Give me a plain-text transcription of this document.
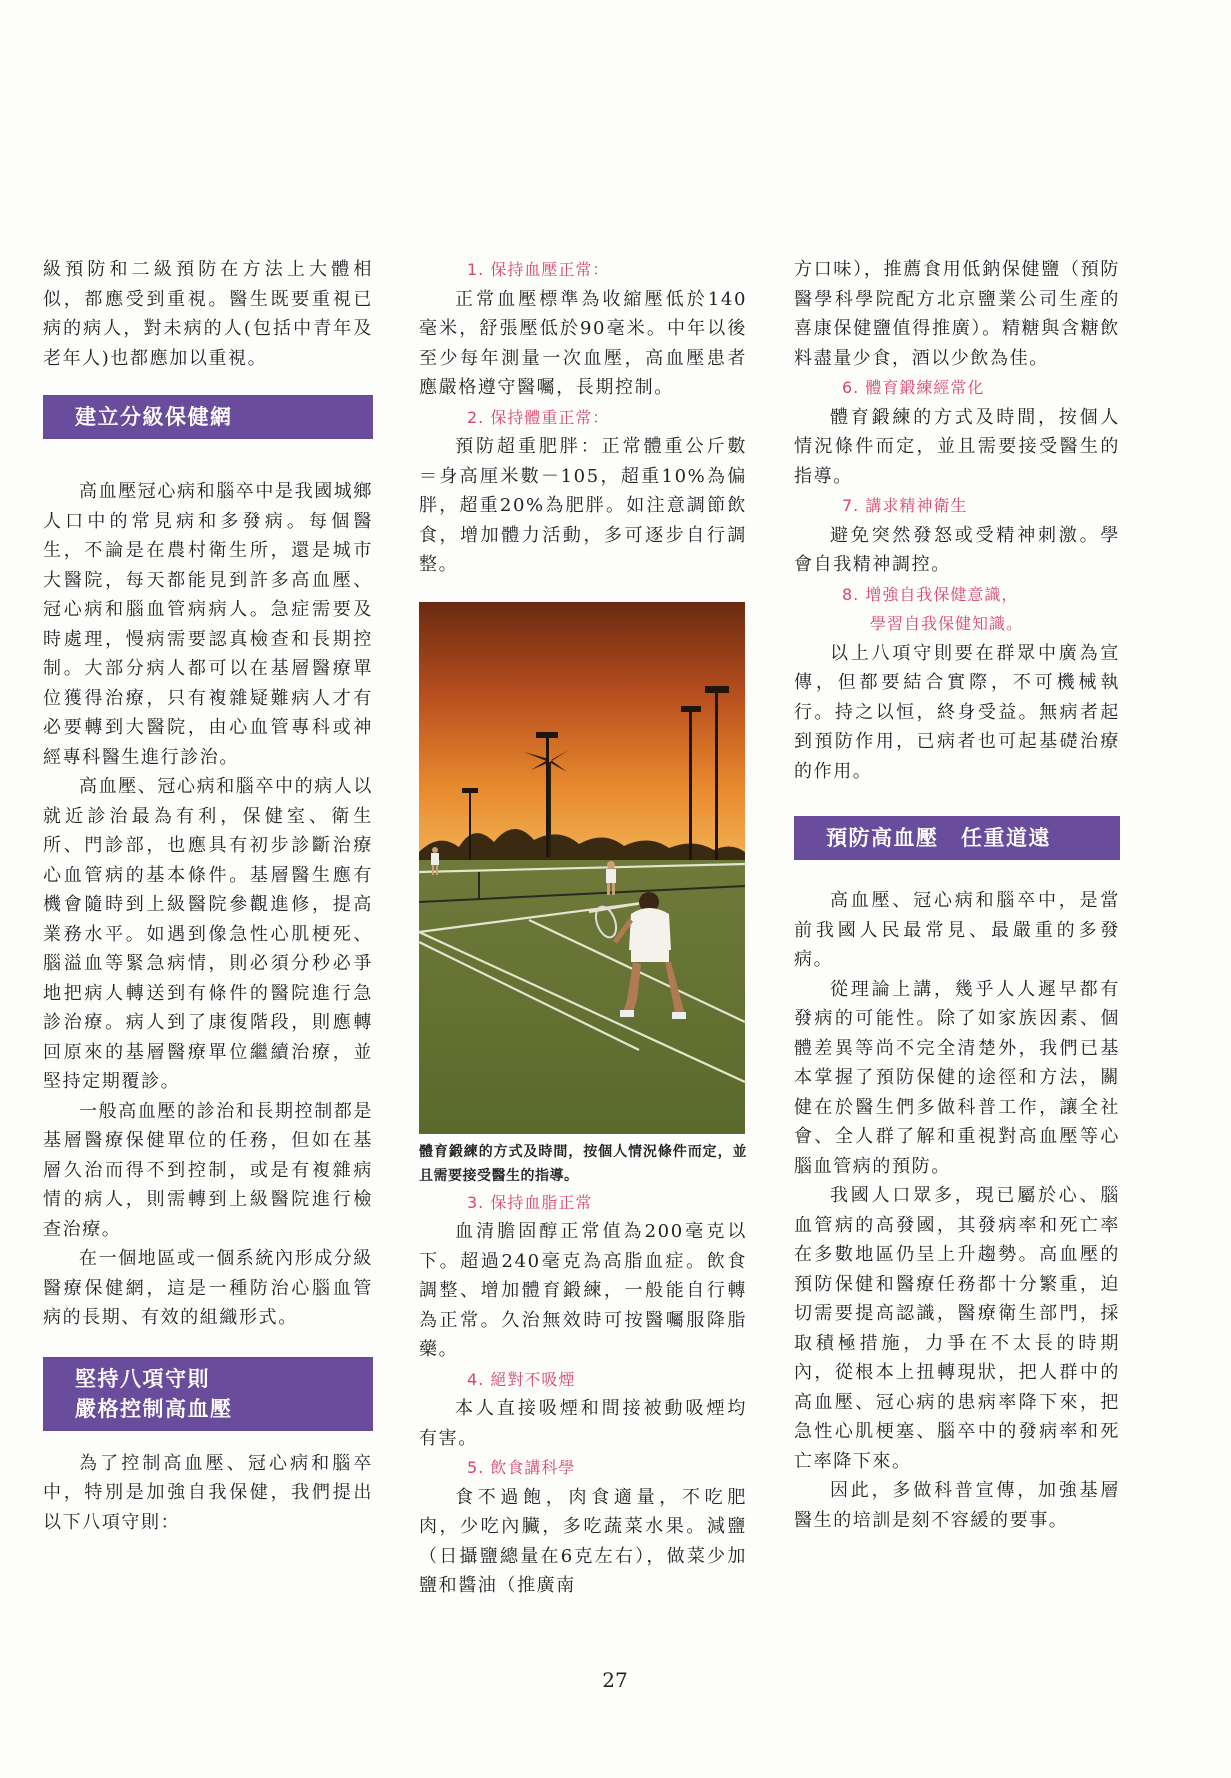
級預防和二級預防在方法上大體相似，都應受到重視。醫生既要重視已病的病人，對未病的人(包括中青年及老年人)也都應加以重視。

建立分級保健網

高血壓冠心病和腦卒中是我國城鄉人口中的常見病和多發病。每個醫生，不論是在農村衛生所，還是城市大醫院，每天都能見到許多高血壓、冠心病和腦血管病病人。急症需要及時處理，慢病需要認真檢查和長期控制。大部分病人都可以在基層醫療單位獲得治療，只有複雜疑難病人才有必要轉到大醫院，由心血管專科或神經專科醫生進行診治。

高血壓、冠心病和腦卒中的病人以就近診治最為有利，保健室、衛生所、門診部，也應具有初步診斷治療心血管病的基本條件。基層醫生應有機會隨時到上級醫院參觀進修，提高業務水平。如遇到像急性心肌梗死、腦溢血等緊急病情，則必須分秒必爭地把病人轉送到有條件的醫院進行急診治療。病人到了康復階段，則應轉回原來的基層醫療單位繼續治療，並堅持定期覆診。

一般高血壓的診治和長期控制都是基層醫療保健單位的任務，但如在基層久治而得不到控制，或是有複雜病情的病人，則需轉到上級醫院進行檢查治療。

在一個地區或一個系統內形成分級醫療保健網，這是一種防治心腦血管病的長期、有效的組織形式。

堅持八項守則
嚴格控制高血壓

為了控制高血壓、冠心病和腦卒中，特別是加強自我保健，我們提出以下八項守則：

1. 保持血壓正常：

正常血壓標準為收縮壓低於140毫米，舒張壓低於90毫米。中年以後至少每年測量一次血壓，高血壓患者應嚴格遵守醫囑，長期控制。

2. 保持體重正常：

預防超重肥胖：正常體重公斤數＝身高厘米數－105，超重10%為偏胖，超重20%為肥胖。如注意調節飲食，增加體力活動，多可逐步自行調整。

體育鍛練的方式及時間，按個人情況條件而定，並且需要接受醫生的指導。

3. 保持血脂正常

血清膽固醇正常值為200毫克以下。超過240毫克為高脂血症。飲食調整、增加體育鍛練，一般能自行轉為正常。久治無效時可按醫囑服降脂藥。

4. 絕對不吸煙

本人直接吸煙和間接被動吸煙均有害。

5. 飲食講科學

食不過飽，肉食適量，不吃肥肉，少吃內臟，多吃蔬菜水果。減鹽（日攝鹽總量在6克左右），做菜少加鹽和醬油（推廣南

方口味），推薦食用低鈉保健鹽（預防醫學科學院配方北京鹽業公司生產的喜康保健鹽值得推廣）。精糖與含糖飲料盡量少食，酒以少飲為佳。

6. 體育鍛練經常化

體育鍛練的方式及時間，按個人情況條件而定，並且需要接受醫生的指導。

7. 講求精神衛生

避免突然發怒或受精神刺激。學會自我精神調控。

8. 增強自我保健意識，
學習自我保健知識。

以上八項守則要在群眾中廣為宣傳，但都要結合實際，不可機械執行。持之以恒，終身受益。無病者起到預防作用，已病者也可起基礎治療的作用。

預防高血壓　任重道遠

高血壓、冠心病和腦卒中，是當前我國人民最常見、最嚴重的多發病。

從理論上講，幾乎人人遲早都有發病的可能性。除了如家族因素、個體差異等尚不完全清楚外，我們已基本掌握了預防保健的途徑和方法，關健在於醫生們多做科普工作，讓全社會、全人群了解和重視對高血壓等心腦血管病的預防。

我國人口眾多，現已屬於心、腦血管病的高發國，其發病率和死亡率在多數地區仍呈上升趨勢。高血壓的預防保健和醫療任務都十分繁重，迫切需要提高認識，醫療衛生部門，採取積極措施，力爭在不太長的時期內，從根本上扭轉現狀，把人群中的高血壓、冠心病的患病率降下來，把急性心肌梗塞、腦卒中的發病率和死亡率降下來。

因此，多做科普宣傳，加強基層醫生的培訓是刻不容緩的要事。

27
